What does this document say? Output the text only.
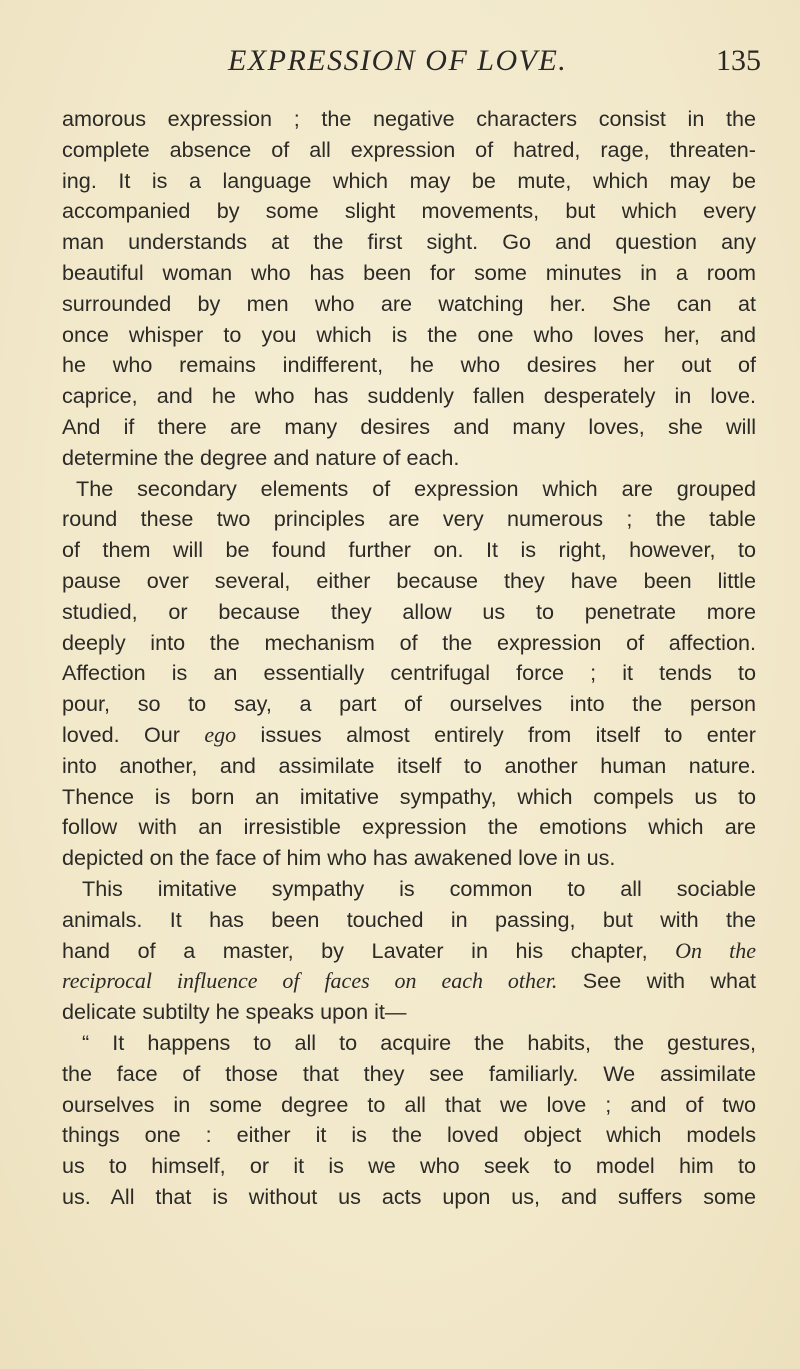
EXPRESSION OF LOVE.	135
amorous expression ; the negative characters consist in the
complete absence of all expression of hatred, rage, threaten-
ing. It is a language which may be mute, which may be
accompanied by some slight movements, but which every
man understands at the first sight. Go and question any
beautiful woman who has been for some minutes in a room
surrounded by men who are watching her. She can at
once whisper to you which is the one who loves her, and
he who remains indifferent, he who desires her out of
caprice, and he who has suddenly fallen desperately in love.
And if there are many desires and many loves, she will
determine the degree and nature of each.
The secondary elements of expression which are grouped
round these two principles are very numerous ; the table
of them will be found further on. It is right, however, to
pause over several, either because they have been little
studied, or because they allow us to penetrate more
deeply into the mechanism of the expression of affection.
Affection is an essentially centrifugal force ; it tends to
pour, so to say, a part of ourselves into the person
loved. Our ego issues almost entirely from itself to enter
into another, and assimilate itself to another human nature.
Thence is born an imitative sympathy, which compels us to
follow with an irresistible expression the emotions which are
depicted on the face of him who has awakened love in us.
This imitative sympathy is common to all sociable
animals. It has been touched in passing, but with the
hand of a master, by Lavater in his chapter, On the
reciprocal influence of faces on each other. See with what
delicate subtilty he speaks upon it—
“ It happens to all to acquire the habits, the gestures,
the face of those that they see familiarly. We assimilate
ourselves in some degree to all that we love ; and of two
things one : either it is the loved object which models
us to himself, or it is we who seek to model him to
us. All that is without us acts upon us, and suffers some
